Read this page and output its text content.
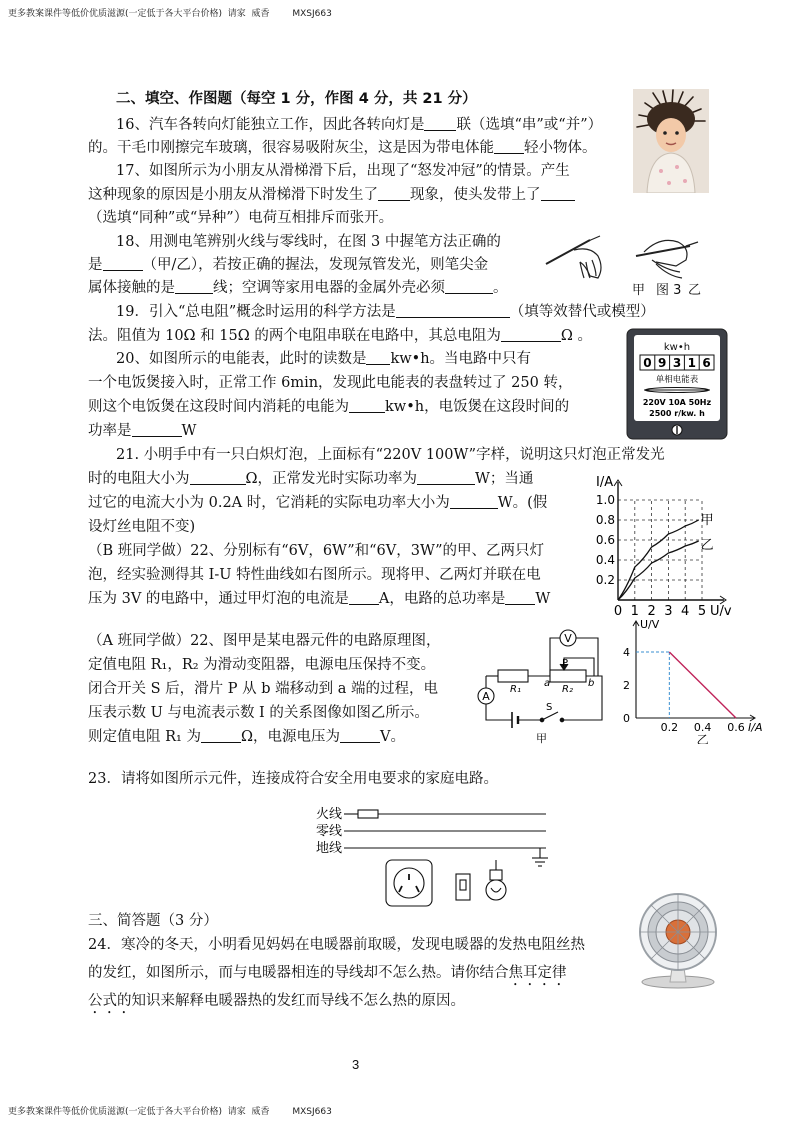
更多教案课件等低价优质滋源(一定低于各大平台价格)  请家  威香        MXSJ663
更多教案课件等低价优质滋源(一定低于各大平台价格)  请家  威香        MXSJ663
二、填空、作图题（每空 1 分，作图 4 分，共 21 分）
16、汽车各转向灯能独立工作，因此各转向灯是 联（选填“串”或“并”）
的。干毛巾刚擦完车玻璃，很容易吸附灰尘，这是因为带电体能 轻小物体。
17、如图所示为小朋友从滑梯滑下后，出现了“怒发冲冠”的情景。产生
这种现象的原因是小朋友从滑梯滑下时发生了 现象，使头发带上了
（选填“同种”或“异种”）电荷互相排斥而张开。
18、用测电笔辨别火线与零线时，在图 3 中握笔方法正确的
是	（甲/乙），若按正确的握法，发现氖管发光，则笔尖金
属体接触的是	线；空调等家用电器的金属外壳必须	。	甲 图 3 乙
19．引入“总电阻”概念时运用的科学方法是	（填等效替代或模型）
法。阻值为 10Ω 和 15Ω 的两个电阻串联在电路中，其总电阻为	Ω 。
20、如图所示的电能表，此时的读数是 kw•h。当电路中只有
一个电饭煲接入时，正常工作 6min，发现此电能表的表盘转过了 250 转，
则这个电饭煲在这段时间内消耗的电能为 kw•h，电饭煲在这段时间的
功率是	W
kw•h
0 9 3 1 6
单相电能表
220V 10A 50Hz
2500 r/kw. h
21. 小明手中有一只白炽灯泡，上面标有“220V 100W”字样，说明这只灯泡正常发光
时的电阻大小为	Ω，正常发光时实际功率为	W；当通
过它的电流大小为 0.2A 时，它消耗的实际电功率大小为	W。(假
设灯丝电阻不变)
（B 班同学做）22、分别标有“6V，6W”和“6V，3W”的甲、乙两只灯
泡，经实验测得其 I-U 特性曲线如右图所示。现将甲、乙两灯并联在电
压为 3V 的电路中，通过甲灯泡的电流是 A，电路的总功率是 W
0 1 2 3 4 5
0.2
0.4
0.6
0.8
1.0
U/v
I/A
甲
乙
（A 班同学做）22、图甲是某电器元件的电路原理图，
定值电阻 R₁，R₂ 为滑动变阻器，电源电压保持不变。
闭合开关 S 后，滑片 P 从 b 端移动到 a 端的过程，电
压表示数 U 与电流表示数 I 的关系图像如图乙所示。
则定值电阻 R₁ 为	Ω，电源电压为	V。
V
A
P
R₁	R₂
a	b
S
甲
0
2
4
0.2 0.4 0.6
U/V
I/A
乙
23．请将如图所示元件，连接成符合安全用电要求的家庭电路。
火线
零线
地线
三、简答题（3 分）
24．寒冷的冬天，小明看见妈妈在电暖器前取暖，发现电暖器的发热电阻丝热
的发红，如图所示，而与电暖器相连的导线却不怎么热。请你结合焦耳定律
公式的知识来解释电暖器热的发红而导线不怎么热的原因。
3
